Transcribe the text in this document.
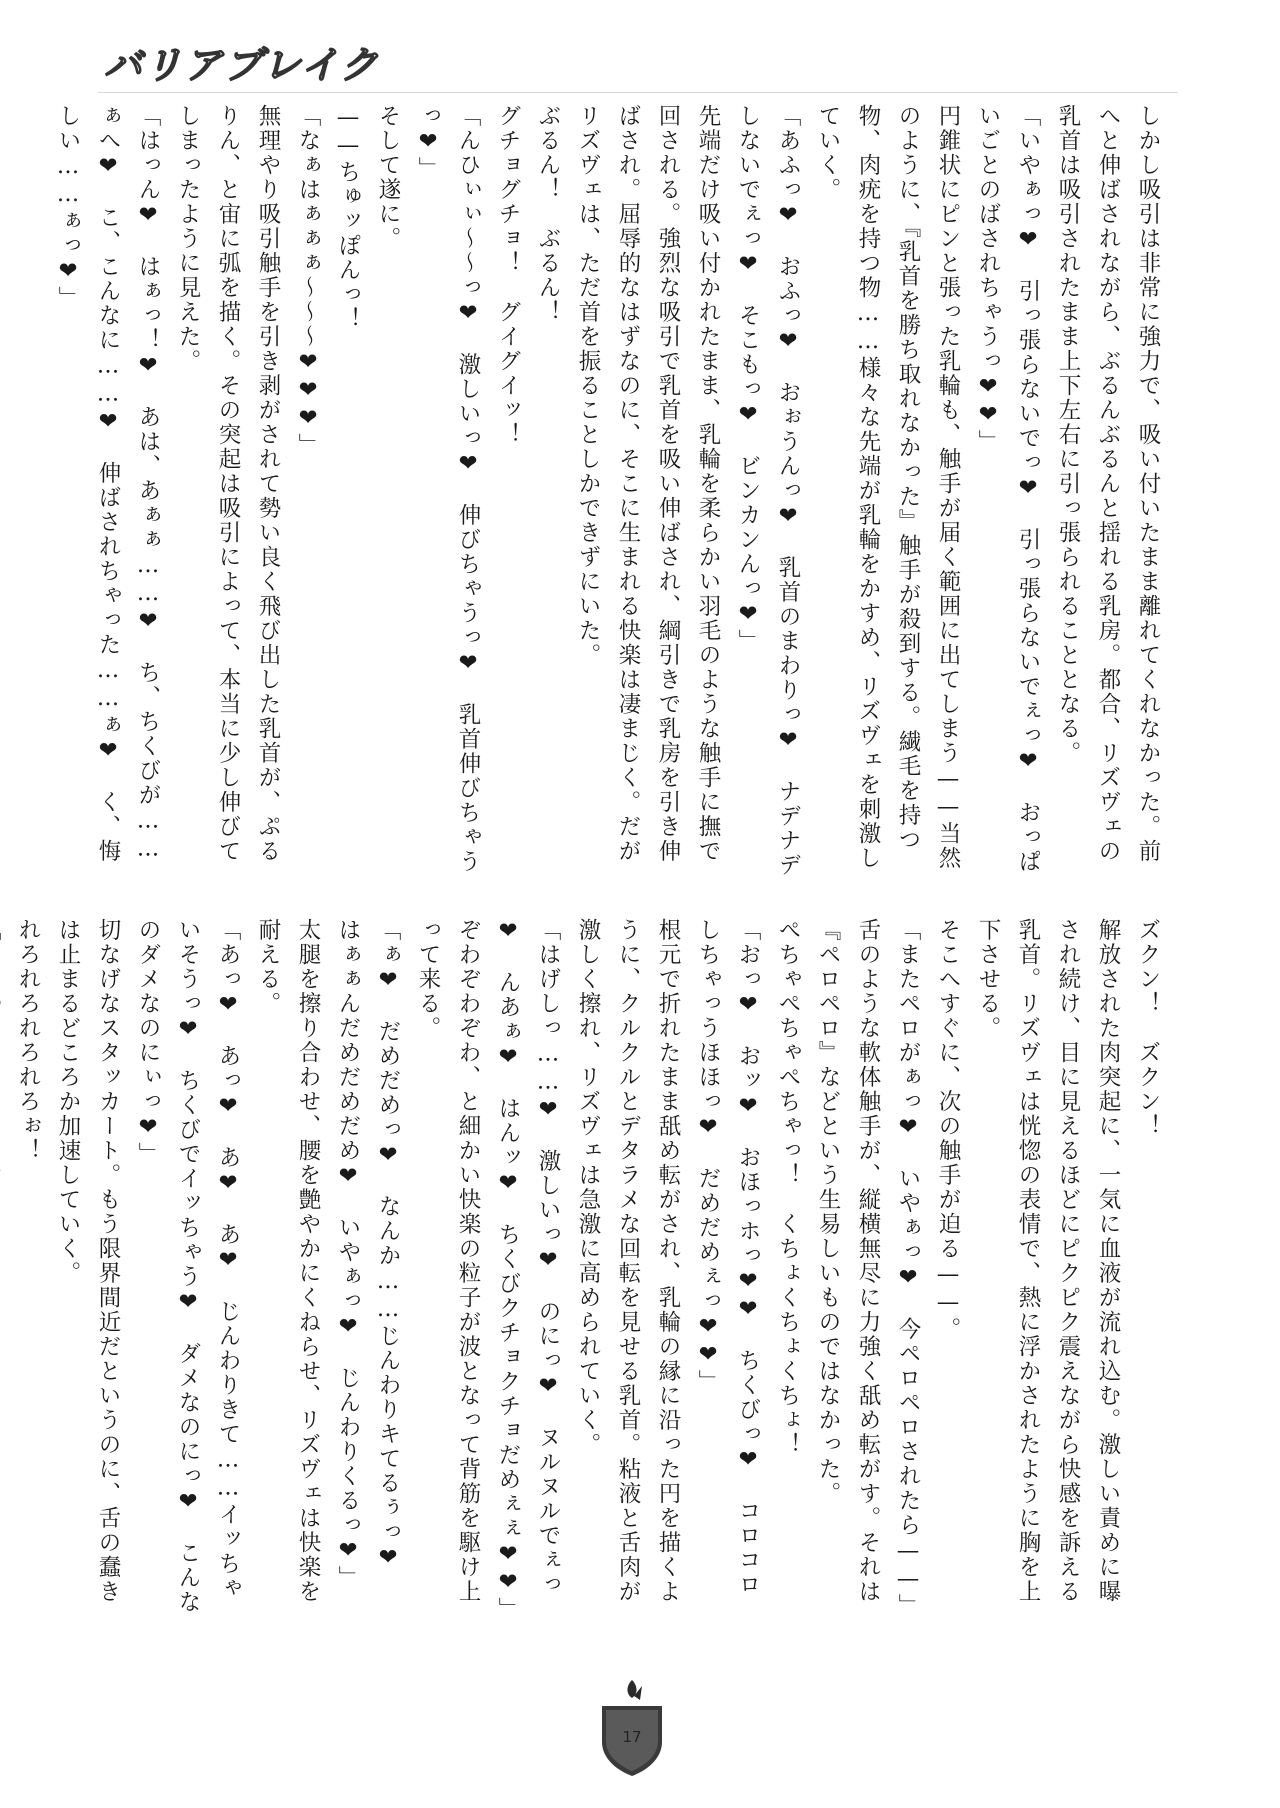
バリアブレイク

しかし吸引は非常に強力で、吸い付いたまま離れてくれなかった。前へと伸ばされながら、ぶるんぶるんと揺れる乳房。都合、リズヴェの乳首は吸引されたまま上下左右に引っ張られることとなる。

「いやぁっ❤　引っ張らないでっ❤　引っ張らないでぇっ❤　おっぱいごとのばされちゃうっ❤❤」

円錐状にピンと張った乳輪も、触手が届く範囲に出てしまう——当然のように、『乳首を勝ち取れなかった』触手が殺到する。繊毛を持つ物、肉疣を持つ物……様々な先端が乳輪をかすめ、リズヴェを刺激していく。

「あふっ❤　おふっ❤　おぉうんっ❤　乳首のまわりっ❤　ナデナデしないでぇっ❤　そこもっ❤　ビンカンんっ❤」

先端だけ吸い付かれたまま、乳輪を柔らかい羽毛のような触手に撫で回される。強烈な吸引で乳首を吸い伸ばされ、綱引きで乳房を引き伸ばされ。屈辱的なはずなのに、そこに生まれる快楽は凄まじく。だがリズヴェは、ただ首を振ることしかできずにいた。

ぶるん！　ぶるん！

グチョグチョ！　グイグイッ！

「んひぃぃ〜〜っ❤　激しいっ❤　伸びちゃうっ❤　乳首伸びちゃうっ❤」

そして遂に。

——ちゅッぽんっ！

「なぁはぁぁぁ〜〜〜❤❤❤」

無理やり吸引触手を引き剥がされて勢い良く飛び出した乳首が、ぷるりん、と宙に弧を描く。その突起は吸引によって、本当に少し伸びてしまったように見えた。

「はっん❤　はぁっ！❤　あは、あぁぁ……❤　ち、ちくびが……ぁへ❤　こ、こんなに……❤　伸ばされちゃった……ぁ❤　く、悔しい……ぁっ❤」

ズクン！　ズクン！

解放された肉突起に、一気に血液が流れ込む。激しい責めに曝され続け、目に見えるほどにピクピク震えながら快感を訴える乳首。リズヴェは恍惚の表情で、熱に浮かされたように胸を上下させる。

そこへすぐに、次の触手が迫る——。

「またペロがぁっ❤　いやぁっ❤　今ペロペロされたら——」

舌のような軟体触手が、縦横無尽に力強く舐め転がす。それは『ペロペロ』などという生易しいものではなかった。

ぺちゃぺちゃぺちゃっ！　くちょくちょくちょ！

「おっ❤　おッ❤　おほっホっ❤❤　ちくびっ❤　コロコロしちゃっうほほっ❤　だめだめぇっ❤❤」

根元で折れたまま舐め転がされ、乳輪の縁に沿った円を描くように、クルクルとデタラメな回転を見せる乳首。粘液と舌肉が激しく擦れ、リズヴェは急激に高められていく。

「はげしっ……❤　激しいっ❤　のにっ❤　ヌルヌルでぇっ❤　んあぁ❤　はんッ❤　ちくびクチョクチョだめぇぇ❤❤」

ぞわぞわぞわ、と細かい快楽の粒子が波となって背筋を駆け上って来る。

「ぁ❤　だめだめっ❤　なんか……じんわりキてるぅっ❤　はぁぁんだめだめだめ❤　いやぁっ❤　じんわりくるっ❤」

太腿を擦り合わせ、腰を艶やかにくねらせ、リズヴェは快楽を耐える。

「あっ❤　あっ❤　あ❤　あ❤　じんわりきて……イッちゃいそうっ❤　ちくびでイッちゃう❤　ダメなのにっ❤　こんなのダメなのにぃっ❤」

切なげなスタッカート。もう限界間近だというのに、舌の蠢きは止まるどころか加速していく。

れろれろれろれろぉ！

17
